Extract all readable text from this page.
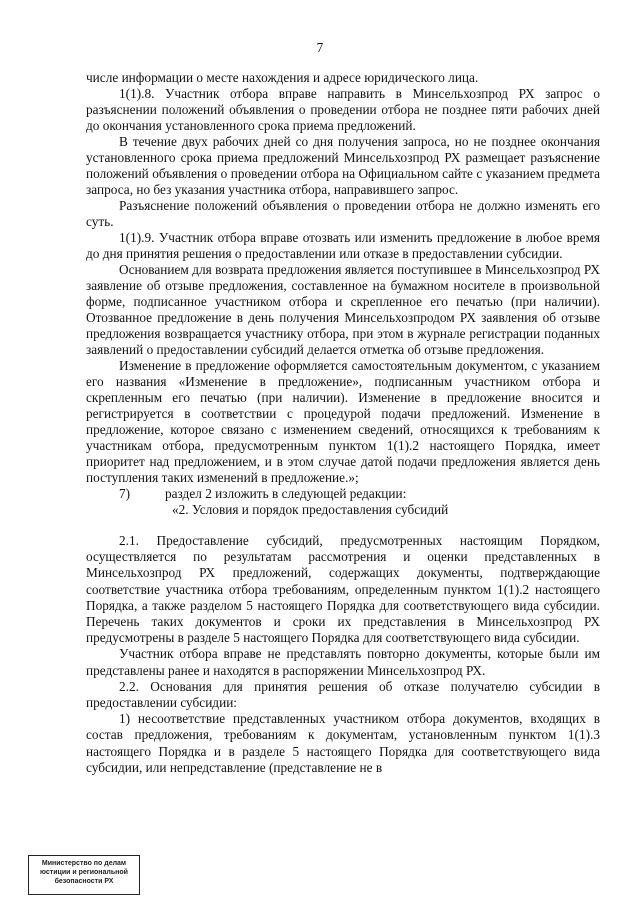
7

числе информации о месте нахождения и адресе юридического лица.

1(1).8. Участник отбора вправе направить в Минсельхозпрод РХ запрос о разъяснении положений объявления о проведении отбора не позднее пяти рабочих дней до окончания установленного срока приема предложений.

В течение двух рабочих дней со дня получения запроса, но не позднее окончания установленного срока приема предложений Минсельхозпрод РХ размещает разъяснение положений объявления о проведении отбора на Официальном сайте с указанием предмета запроса, но без указания участника отбора, направившего запрос.

Разъяснение положений объявления о проведении отбора не должно изменять его суть.

1(1).9. Участник отбора вправе отозвать или изменить предложение в любое время до дня принятия решения о предоставлении или отказе в предоставлении субсидии.

Основанием для возврата предложения является поступившее в Минсельхозпрод РХ заявление об отзыве предложения, составленное на бумажном носителе в произвольной форме, подписанное участником отбора и скрепленное его печатью (при наличии). Отозванное предложение в день получения Минсельхозпродом РХ заявления об отзыве предложения возвращается участнику отбора, при этом в журнале регистрации поданных заявлений о предоставлении субсидий делается отметка об отзыве предложения.

Изменение в предложение оформляется самостоятельным документом, с указанием его названия «Изменение в предложение», подписанным участником отбора и скрепленным его печатью (при наличии). Изменение в предложение вносится и регистрируется в соответствии с процедурой подачи предложений. Изменение в предложение, которое связано с изменением сведений, относящихся к требованиям к участникам отбора, предусмотренным пунктом 1(1).2 настоящего Порядка, имеет приоритет над предложением, и в этом случае датой подачи предложения является день поступления таких изменений в предложение.»;

7)	раздел 2 изложить в следующей редакции:
«2. Условия и порядок предоставления субсидий

2.1. Предоставление субсидий, предусмотренных настоящим Порядком, осуществляется по результатам рассмотрения и оценки представленных в Минсельхозпрод РХ предложений, содержащих документы, подтверждающие соответствие участника отбора требованиям, определенным пунктом 1(1).2 настоящего Порядка, а также разделом 5 настоящего Порядка для соответствующего вида субсидии. Перечень таких документов и сроки их представления в Минсельхозпрод РХ предусмотрены в разделе 5 настоящего Порядка для соответствующего вида субсидии.

Участник отбора вправе не представлять повторно документы, которые были им представлены ранее и находятся в распоряжении Минсельхозпрод РХ.

2.2. Основания для принятия решения об отказе получателю субсидии в предоставлении субсидии:

1) несоответствие представленных участником отбора документов, входящих в состав предложения, требованиям к документам, установленным пунктом 1(1).3 настоящего Порядка и в разделе 5 настоящего Порядка для соответствующего вида субсидии, или непредставление (представление не в

Министерство по делам
юстиции и региональной
безопасности РХ
